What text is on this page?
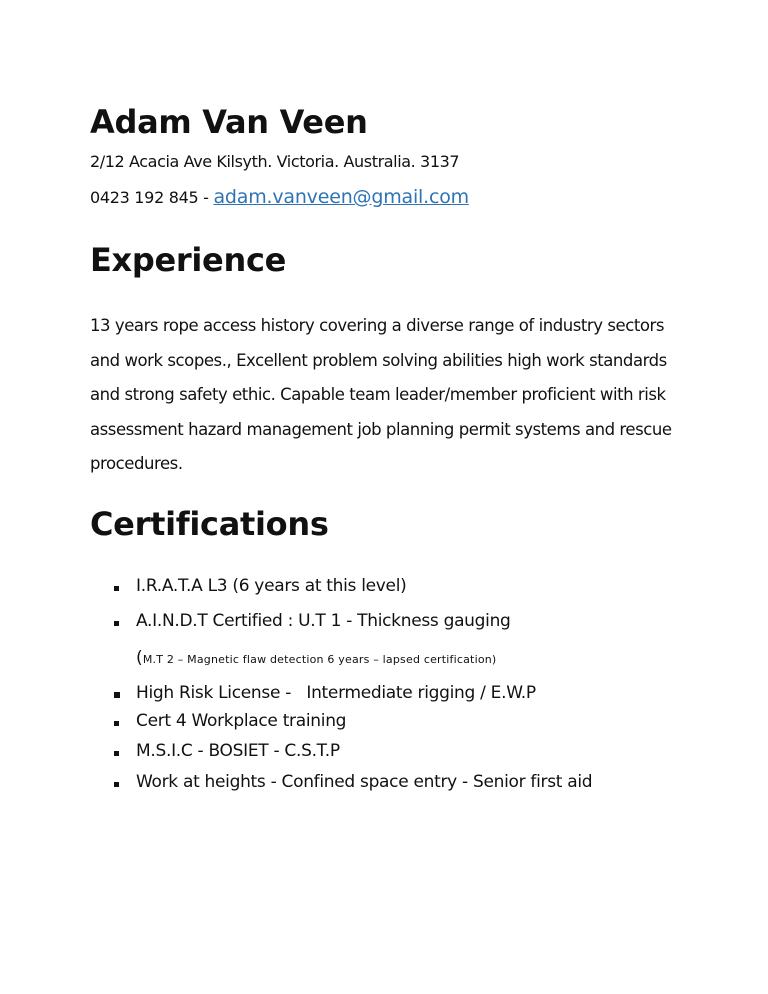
Adam Van Veen
2/12 Acacia Ave Kilsyth. Victoria. Australia. 3137
0423 192 845 - adam.vanveen@gmail.com
Experience

13 years rope access history covering a diverse range of industry sectors and work scopes., Excellent problem solving abilities high work standards and strong safety ethic. Capable team leader/member proficient with risk assessment hazard management job planning permit systems and rescue procedures.

Certifications
I.R.A.T.A L3 (6 years at this level)
A.I.N.D.T Certified : U.T 1 - Thickness gauging
High Risk License -   Intermediate rigging / E.W.P
Cert 4 Workplace training
M.S.I.C - BOSIET - C.S.T.P
Work at heights - Confined space entry - Senior first aid
(M.T 2 – Magnetic flaw detection 6 years – lapsed certification)
